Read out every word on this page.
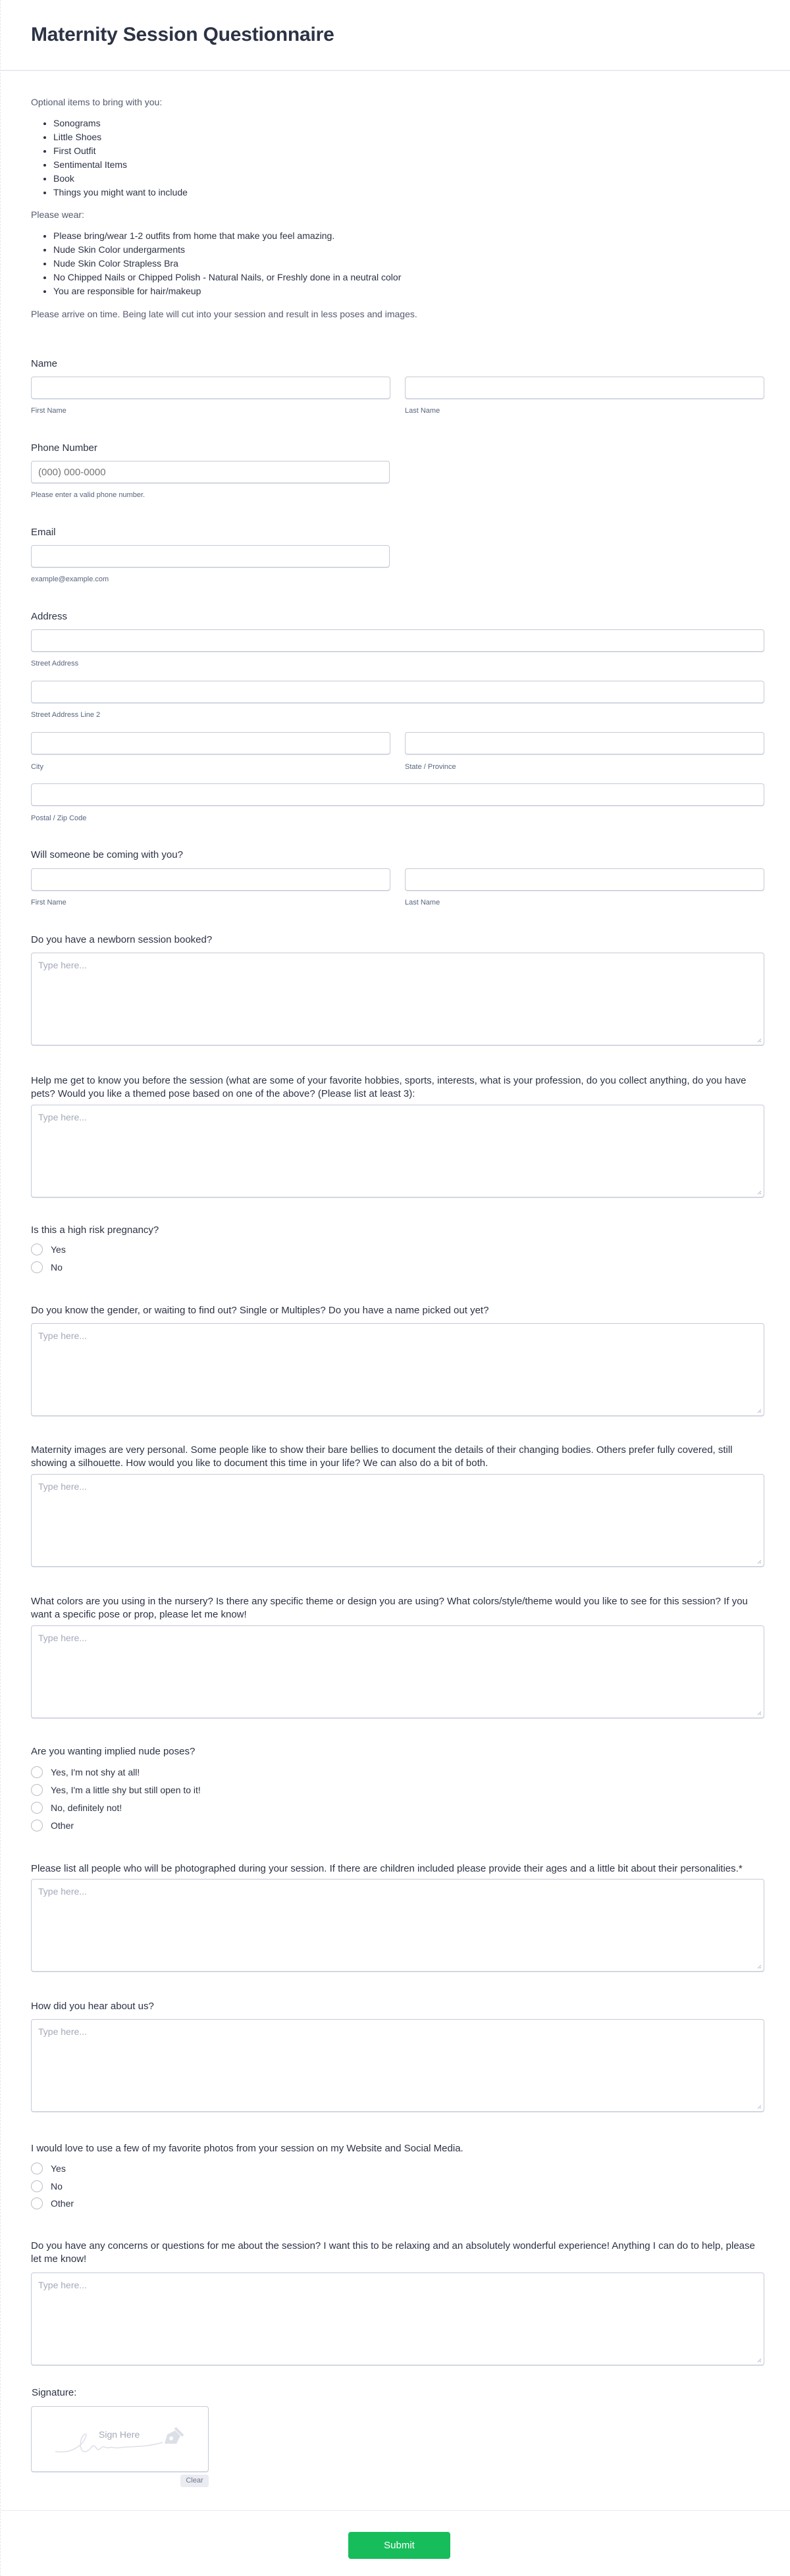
Maternity Session Questionnaire

Optional items to bring with you:

• Sonograms
• Little Shoes
• First Outfit
• Sentimental Items
• Book
• Things you might want to include

Please wear:

• Please bring/wear 1-2 outfits from home that make you feel amazing.
• Nude Skin Color undergarments
• Nude Skin Color Strapless Bra
• No Chipped Nails or Chipped Polish - Natural Nails, or Freshly done in a neutral color
• You are responsible for hair/makeup

Please arrive on time. Being late will cut into your session and result in less poses and images.

Name
First Name	Last Name
Phone Number
(000) 000-0000
Please enter a valid phone number.
Email
example@example.com
Address
Street Address
Street Address Line 2
City	State / Province
Postal / Zip Code
Will someone be coming with you?
First Name	Last Name
Do you have a newborn session booked?
Type here...
Help me get to know you before the session (what are some of your favorite hobbies, sports, interests, what is your profession, do you collect anything, do you have pets? Would you like a themed pose based on one of the above? (Please list at least 3):
Type here...
Is this a high risk pregnancy?
Yes
No
Do you know the gender, or waiting to find out? Single or Multiples? Do you have a name picked out yet?
Type here...
Maternity images are very personal. Some people like to show their bare bellies to document the details of their changing bodies. Others prefer fully covered, still showing a silhouette. How would you like to document this time in your life? We can also do a bit of both.
Type here...
What colors are you using in the nursery? Is there any specific theme or design you are using? What colors/style/theme would you like to see for this session? If you want a specific pose or prop, please let me know!
Type here...
Are you wanting implied nude poses?
Yes, I'm not shy at all!
Yes, I'm a little shy but still open to it!
No, definitely not!
Other
Please list all people who will be photographed during your session. If there are children included please provide their ages and a little bit about their personalities.*
Type here...
How did you hear about us?
Type here...
I would love to use a few of my favorite photos from your session on my Website and Social Media.
Yes
No
Other
Do you have any concerns or questions for me about the session? I want this to be relaxing and an absolutely wonderful experience! Anything I can do to help, please let me know!
Type here...
Signature:
Sign Here
Clear
Submit
